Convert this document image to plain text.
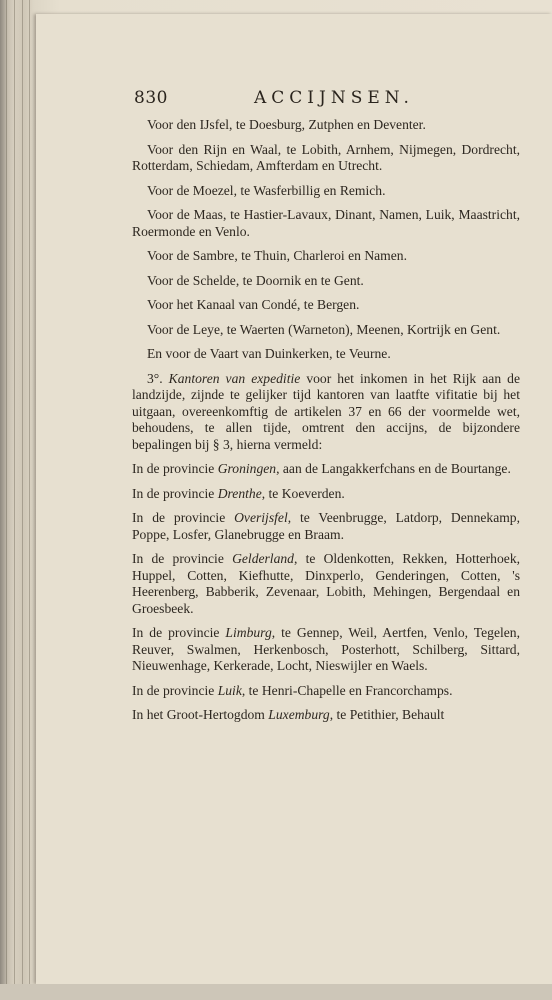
830	ACCIJNSEN.

Voor den IJsfel, te Doesburg, Zutphen en Deventer.

Voor den Rijn en Waal, te Lobith, Arnhem, Nijmegen, Dordrecht, Rotterdam, Schiedam, Amfterdam en Utrecht.

Voor de Moezel, te Wasferbillig en Remich.

Voor de Maas, te Hastier-Lavaux, Dinant, Namen, Luik, Maastricht, Roermonde en Venlo.

Voor de Sambre, te Thuin, Charleroi en Namen.

Voor de Schelde, te Doornik en te Gent.

Voor het Kanaal van Condé, te Bergen.

Voor de Leye, te Waerten (Warneton), Meenen, Kortrijk en Gent.

En voor de Vaart van Duinkerken, te Veurne.

3°. Kantoren van expeditie voor het inkomen in het Rijk aan de landzijde, zijnde te gelijker tijd kantoren van laatfte vifitatie bij het uitgaan, overeenkomftig de artikelen 37 en 66 der voormelde wet, behoudens, te allen tijde, omtrent den accijns, de bijzondere bepalingen bij § 3, hierna vermeld:

In de provincie Groningen, aan de Langakkerfchans en de Bourtange.

In de provincie Drenthe, te Koeverden.

In de provincie Overijsfel, te Veenbrugge, Latdorp, Dennekamp, Poppe, Losfer, Glanebrugge en Braam.

In de provincie Gelderland, te Oldenkotten, Rekken, Hotterhoek, Huppel, Cotten, Kiefhutte, Dinxperlo, Genderingen, Cotten, 's Heerenberg, Babberik, Zevenaar, Lobith, Mehingen, Bergendaal en Groesbeek.

In de provincie Limburg, te Gennep, Weil, Aertfen, Venlo, Tegelen, Reuver, Swalmen, Herkenbosch, Posterhott, Schilberg, Sittard, Nieuwenhage, Kerkerade, Locht, Nieswijler en Waels.

In de provincie Luik, te Henri-Chapelle en Francorchamps.

In het Groot-Hertogdom Luxemburg, te Petithier, Behault
